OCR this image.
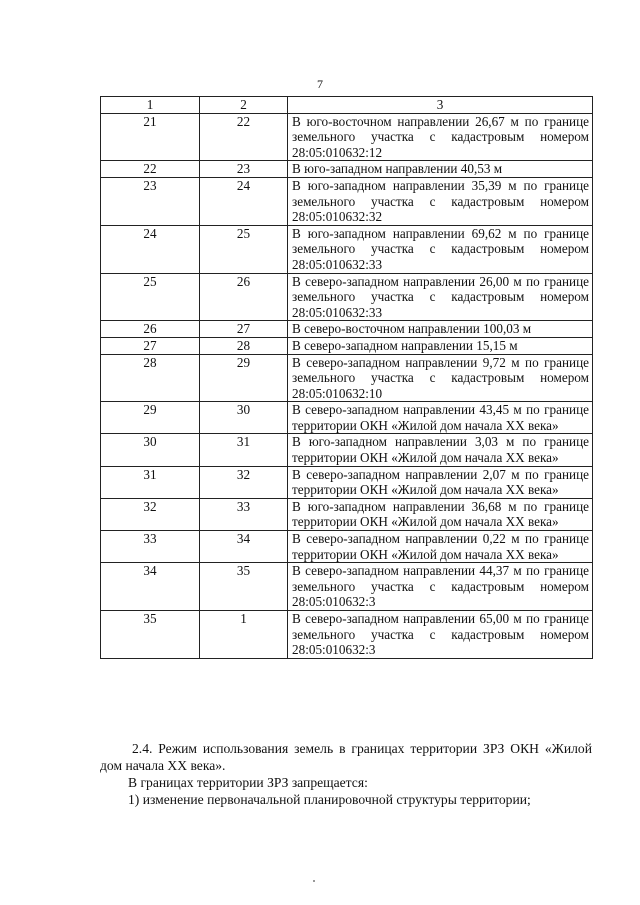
7
1	2	3
21	22	В юго-восточном направлении 26,67 м по границе земельного участка с кадастровым номером 28:05:010632:12
22	23	В юго-западном направлении 40,53 м
23	24	В юго-западном направлении 35,39 м по границе земельного участка с кадастровым номером 28:05:010632:32
24	25	В юго-западном направлении 69,62 м по границе земельного участка с кадастровым номером 28:05:010632:33
25	26	В северо-западном направлении 26,00 м по границе земельного участка с кадастровым номером 28:05:010632:33
26	27	В северо-восточном направлении 100,03 м
27	28	В северо-западном направлении 15,15 м
28	29	В северо-западном направлении 9,72 м по границе земельного участка с кадастровым номером 28:05:010632:10
29	30	В северо-западном направлении 43,45 м по границе территории ОКН «Жилой дом начала XX века»
30	31	В юго-западном направлении 3,03 м по границе территории ОКН «Жилой дом начала XX века»
31	32	В северо-западном направлении 2,07 м по границе территории ОКН «Жилой дом начала XX века»
32	33	В юго-западном направлении 36,68 м по границе территории ОКН «Жилой дом начала XX века»
33	34	В северо-западном направлении 0,22 м по границе территории ОКН «Жилой дом начала XX века»
34	35	В северо-западном направлении 44,37 м по границе земельного участка с кадастровым номером 28:05:010632:3
35	1	В северо-западном направлении 65,00 м по границе земельного участка с кадастровым номером 28:05:010632:3
2.4. Режим использования земель в границах территории ЗРЗ ОКН «Жилой дом начала XX века».
В границах территории ЗРЗ запрещается:
1) изменение первоначальной планировочной структуры территории;
